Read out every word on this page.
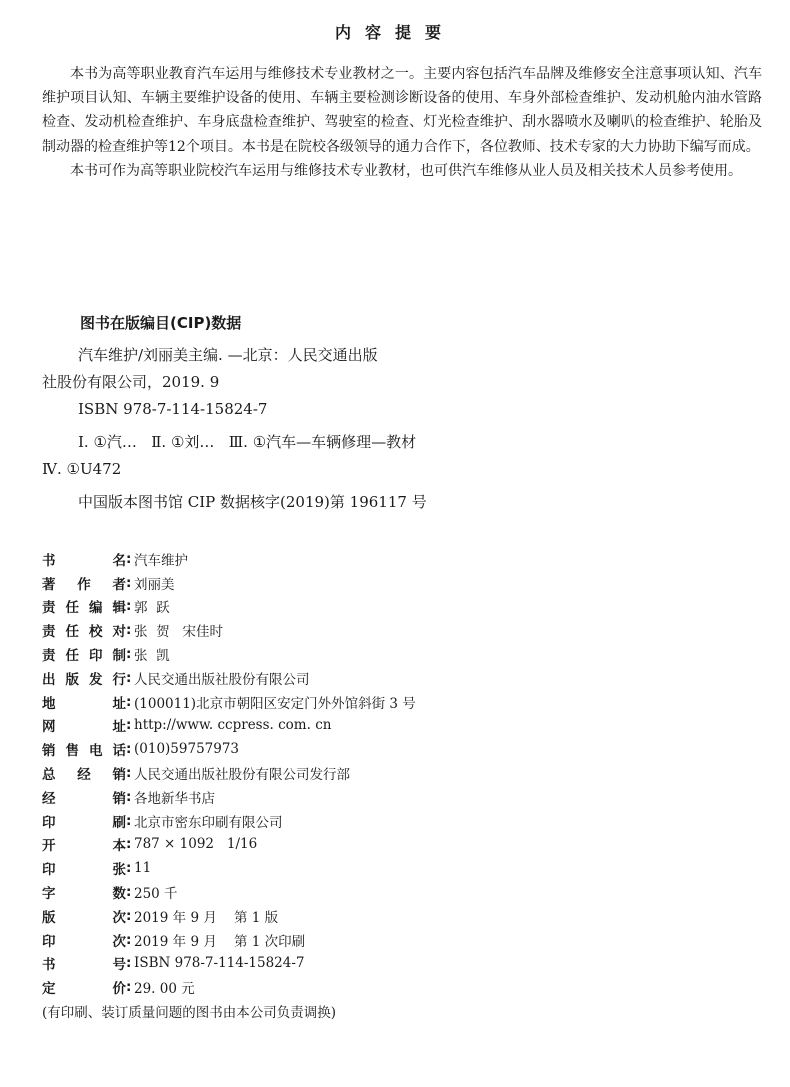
内容提要

本书为高等职业教育汽车运用与维修技术专业教材之一。主要内容包括汽车品牌及维修安全注意事项认知、汽车维护项目认知、车辆主要维护设备的使用、车辆主要检测诊断设备的使用、车身外部检查维护、发动机舱内油水管路检查、发动机检查维护、车身底盘检查维护、驾驶室的检查、灯光检查维护、刮水器喷水及喇叭的检查维护、轮胎及制动器的检查维护等12个项目。本书是在院校各级领导的通力合作下，各位教师、技术专家的大力协助下编写而成。

本书可作为高等职业院校汽车运用与维修技术专业教材，也可供汽车维修从业人员及相关技术人员参考使用。

图书在版编目(CIP)数据
汽车维护/刘丽美主编. —北京：人民交通出版
社股份有限公司，2019. 9
ISBN 978-7-114-15824-7
Ⅰ. ①汽…   Ⅱ. ①刘…   Ⅲ. ①汽车—车辆修理—教材
Ⅳ. ①U472
中国版本图书馆 CIP 数据核字(2019)第 196117 号
书名 : 汽车维护
著作者 : 刘丽美
责任编辑 : 郭  跃
责任校对 : 张  贺   宋佳时
责任印制 : 张  凯
出版发行 : 人民交通出版社股份有限公司
地址 : (100011)北京市朝阳区安定门外外馆斜街 3 号
网址 : http://www. ccpress. com. cn
销售电话 : (010)59757973
总经销 : 人民交通出版社股份有限公司发行部
经销 : 各地新华书店
印刷 : 北京市密东印刷有限公司
开本 : 787 × 1092   1/16
印张 : 11
字数 : 250 千
版次 : 2019 年 9 月    第 1 版
印次 : 2019 年 9 月    第 1 次印刷
书号 : ISBN 978-7-114-15824-7
定价 : 29. 00 元
(有印刷、装订质量问题的图书由本公司负责调换)
